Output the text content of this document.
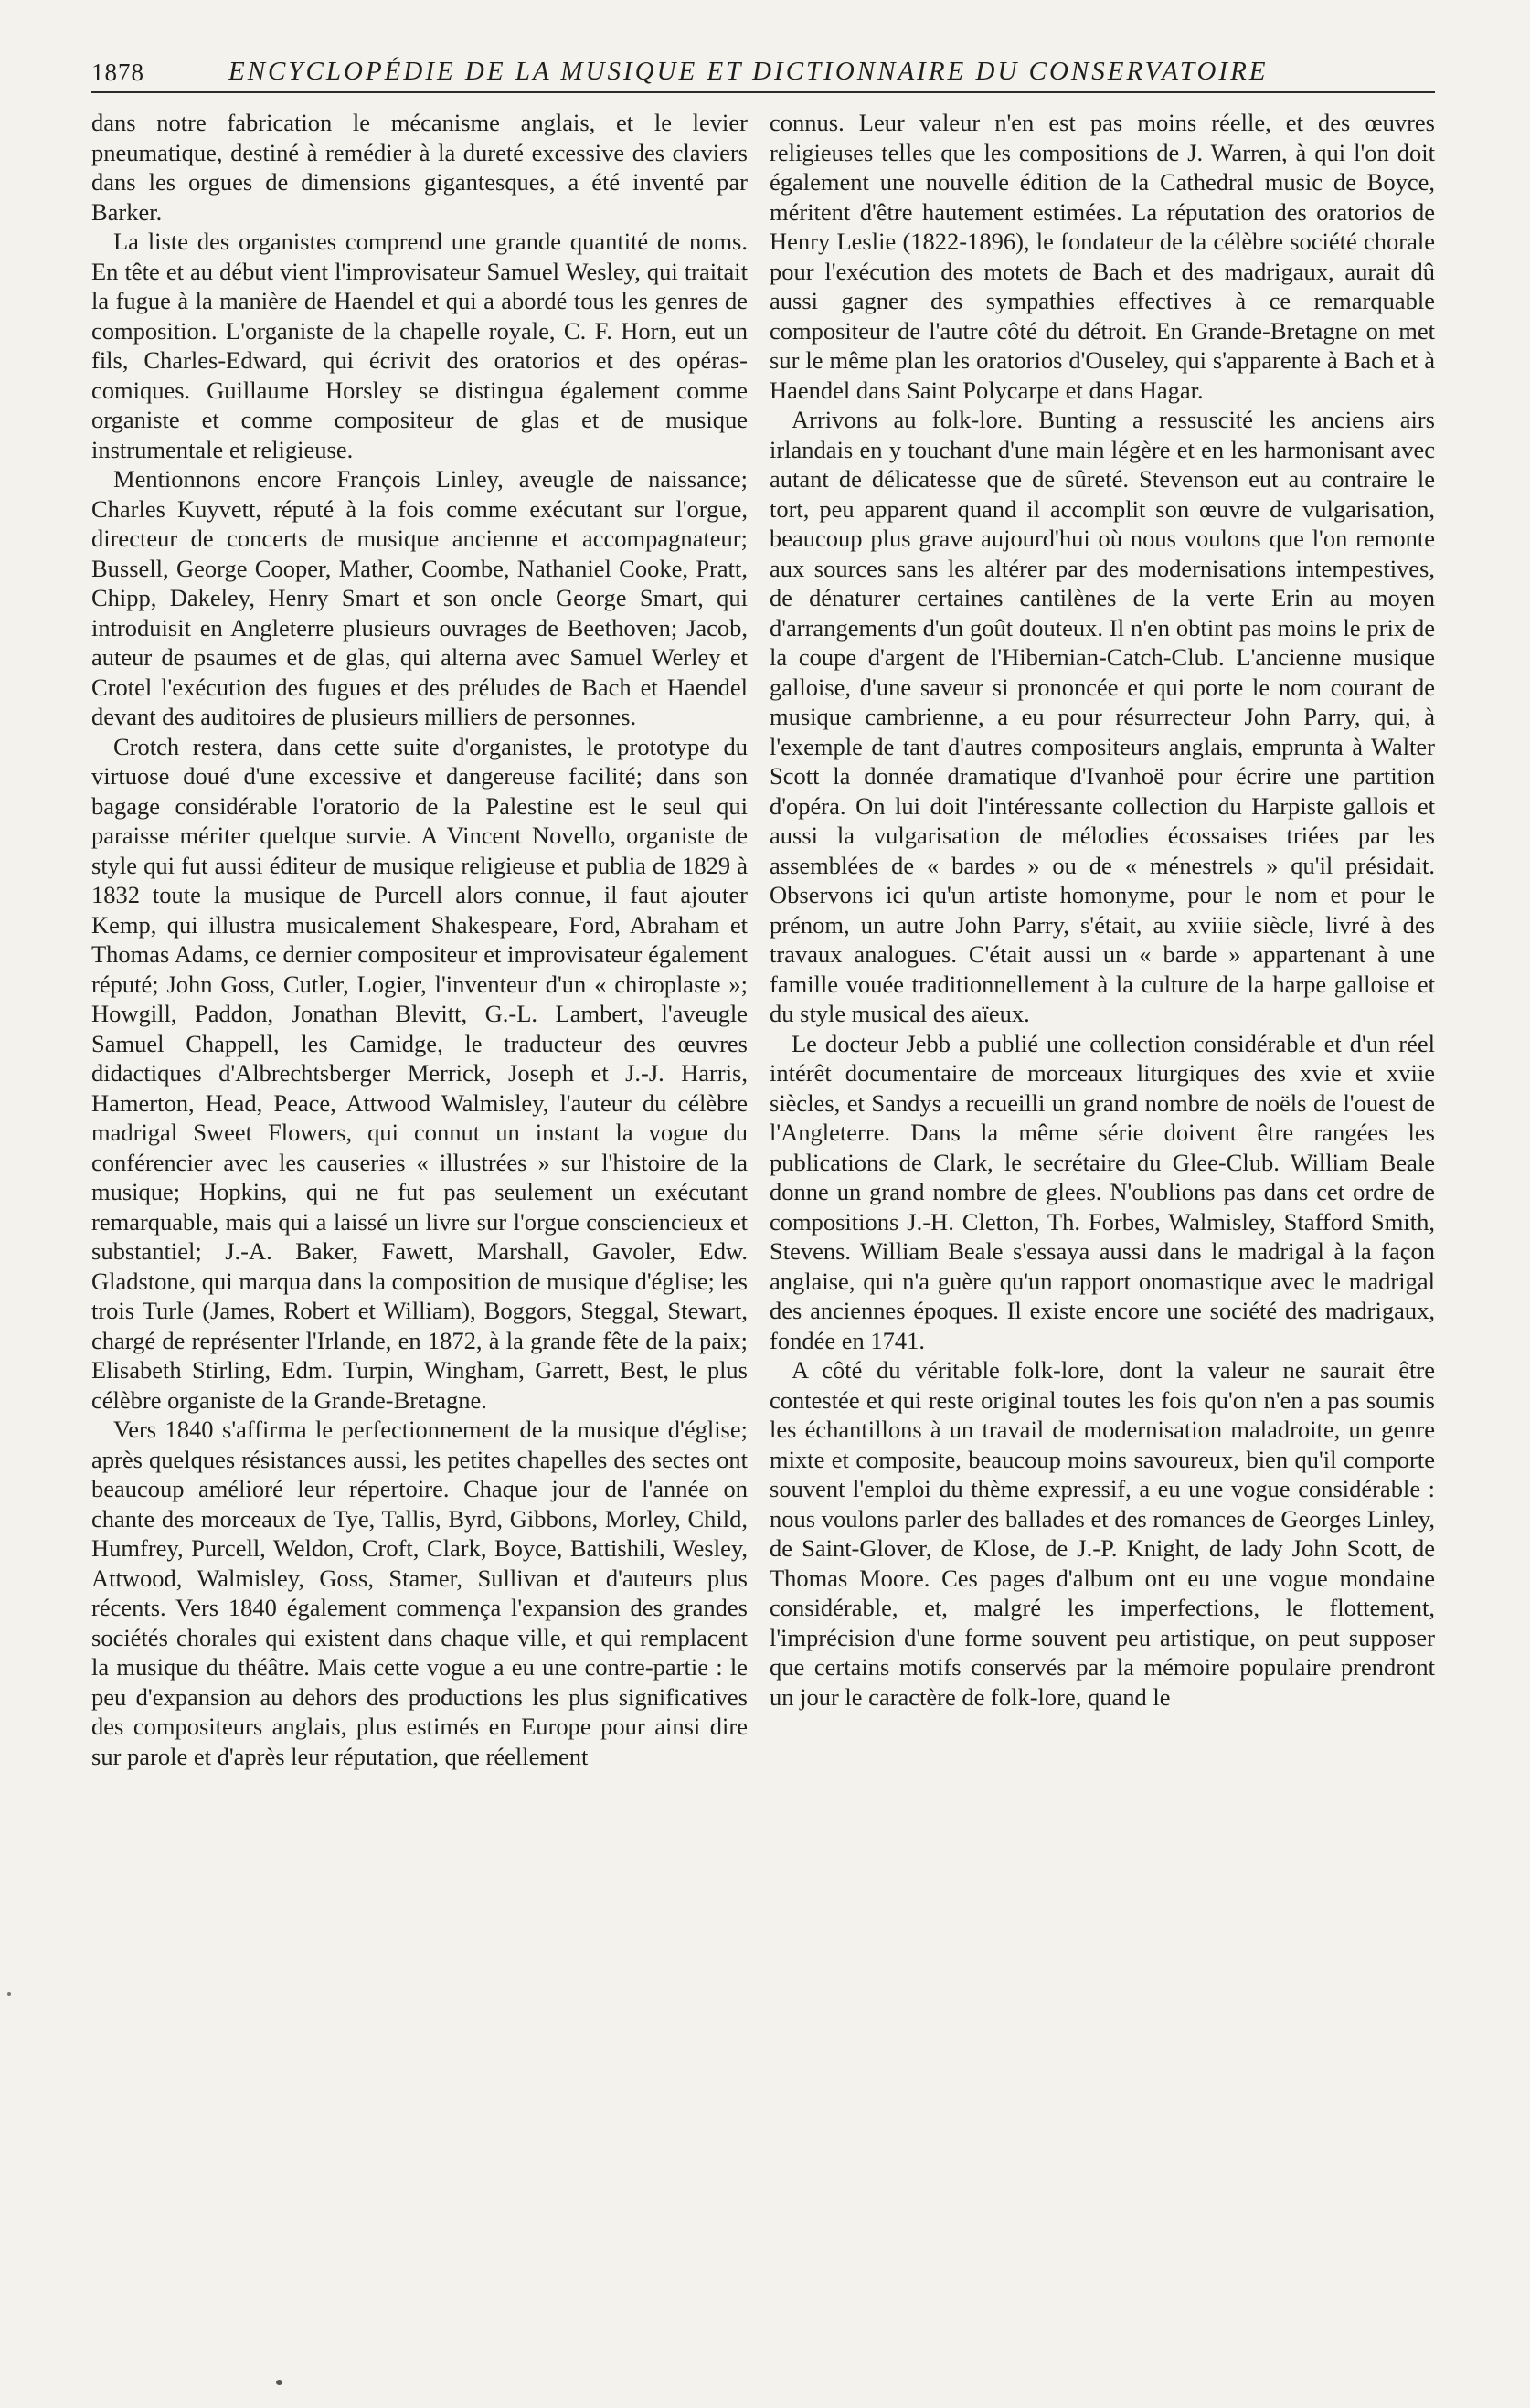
1878	ENCYCLOPÉDIE DE LA MUSIQUE ET DICTIONNAIRE DU CONSERVATOIRE

dans notre fabrication le mécanisme anglais, et le levier pneumatique, destiné à remédier à la dureté excessive des claviers dans les orgues de dimensions gigantesques, a été inventé par Barker.

La liste des organistes comprend une grande quantité de noms. En tête et au début vient l'improvisateur Samuel Wesley, qui traitait la fugue à la manière de Haendel et qui a abordé tous les genres de composition. L'organiste de la chapelle royale, C. F. Horn, eut un fils, Charles-Edward, qui écrivit des oratorios et des opéras-comiques. Guillaume Horsley se distingua également comme organiste et comme compositeur de glas et de musique instrumentale et religieuse.

Mentionnons encore François Linley, aveugle de naissance; Charles Kuyvett, réputé à la fois comme exécutant sur l'orgue, directeur de concerts de musique ancienne et accompagnateur; Bussell, George Cooper, Mather, Coombe, Nathaniel Cooke, Pratt, Chipp, Dakeley, Henry Smart et son oncle George Smart, qui introduisit en Angleterre plusieurs ouvrages de Beethoven; Jacob, auteur de psaumes et de glas, qui alterna avec Samuel Werley et Crotel l'exécution des fugues et des préludes de Bach et Haendel devant des auditoires de plusieurs milliers de personnes.

Crotch restera, dans cette suite d'organistes, le prototype du virtuose doué d'une excessive et dangereuse facilité; dans son bagage considérable l'oratorio de la Palestine est le seul qui paraisse mériter quelque survie. A Vincent Novello, organiste de style qui fut aussi éditeur de musique religieuse et publia de 1829 à 1832 toute la musique de Purcell alors connue, il faut ajouter Kemp, qui illustra musicalement Shakespeare, Ford, Abraham et Thomas Adams, ce dernier compositeur et improvisateur également réputé; John Goss, Cutler, Logier, l'inventeur d'un « chiroplaste »; Howgill, Paddon, Jonathan Blevitt, G.-L. Lambert, l'aveugle Samuel Chappell, les Camidge, le traducteur des œuvres didactiques d'Albrechtsberger Merrick, Joseph et J.-J. Harris, Hamerton, Head, Peace, Attwood Walmisley, l'auteur du célèbre madrigal Sweet Flowers, qui connut un instant la vogue du conférencier avec les causeries « illustrées » sur l'histoire de la musique; Hopkins, qui ne fut pas seulement un exécutant remarquable, mais qui a laissé un livre sur l'orgue consciencieux et substantiel; J.-A. Baker, Fawett, Marshall, Gavoler, Edw. Gladstone, qui marqua dans la composition de musique d'église; les trois Turle (James, Robert et William), Boggors, Steggal, Stewart, chargé de représenter l'Irlande, en 1872, à la grande fête de la paix; Elisabeth Stirling, Edm. Turpin, Wingham, Garrett, Best, le plus célèbre organiste de la Grande-Bretagne.

Vers 1840 s'affirma le perfectionnement de la musique d'église; après quelques résistances aussi, les petites chapelles des sectes ont beaucoup amélioré leur répertoire. Chaque jour de l'année on chante des morceaux de Tye, Tallis, Byrd, Gibbons, Morley, Child, Humfrey, Purcell, Weldon, Croft, Clark, Boyce, Battishili, Wesley, Attwood, Walmisley, Goss, Stamer, Sullivan et d'auteurs plus récents. Vers 1840 également commença l'expansion des grandes sociétés chorales qui existent dans chaque ville, et qui remplacent la musique du théâtre. Mais cette vogue a eu une contre-partie : le peu d'expansion au dehors des productions les plus significatives des compositeurs anglais, plus estimés en Europe pour ainsi dire sur parole et d'après leur réputation, que réellement

connus. Leur valeur n'en est pas moins réelle, et des œuvres religieuses telles que les compositions de J. Warren, à qui l'on doit également une nouvelle édition de la Cathedral music de Boyce, méritent d'être hautement estimées. La réputation des oratorios de Henry Leslie (1822-1896), le fondateur de la célèbre société chorale pour l'exécution des motets de Bach et des madrigaux, aurait dû aussi gagner des sympathies effectives à ce remarquable compositeur de l'autre côté du détroit. En Grande-Bretagne on met sur le même plan les oratorios d'Ouseley, qui s'apparente à Bach et à Haendel dans Saint Polycarpe et dans Hagar.

Arrivons au folk-lore. Bunting a ressuscité les anciens airs irlandais en y touchant d'une main légère et en les harmonisant avec autant de délicatesse que de sûreté. Stevenson eut au contraire le tort, peu apparent quand il accomplit son œuvre de vulgarisation, beaucoup plus grave aujourd'hui où nous voulons que l'on remonte aux sources sans les altérer par des modernisations intempestives, de dénaturer certaines cantilènes de la verte Erin au moyen d'arrangements d'un goût douteux. Il n'en obtint pas moins le prix de la coupe d'argent de l'Hibernian-Catch-Club. L'ancienne musique galloise, d'une saveur si prononcée et qui porte le nom courant de musique cambrienne, a eu pour résurrecteur John Parry, qui, à l'exemple de tant d'autres compositeurs anglais, emprunta à Walter Scott la donnée dramatique d'Ivanhoë pour écrire une partition d'opéra. On lui doit l'intéressante collection du Harpiste gallois et aussi la vulgarisation de mélodies écossaises triées par les assemblées de « bardes » ou de « ménestrels » qu'il présidait. Observons ici qu'un artiste homonyme, pour le nom et pour le prénom, un autre John Parry, s'était, au xviiie siècle, livré à des travaux analogues. C'était aussi un « barde » appartenant à une famille vouée traditionnellement à la culture de la harpe galloise et du style musical des aïeux.

Le docteur Jebb a publié une collection considérable et d'un réel intérêt documentaire de morceaux liturgiques des xvie et xviie siècles, et Sandys a recueilli un grand nombre de noëls de l'ouest de l'Angleterre. Dans la même série doivent être rangées les publications de Clark, le secrétaire du Glee-Club. William Beale donne un grand nombre de glees. N'oublions pas dans cet ordre de compositions J.-H. Cletton, Th. Forbes, Walmisley, Stafford Smith, Stevens. William Beale s'essaya aussi dans le madrigal à la façon anglaise, qui n'a guère qu'un rapport onomastique avec le madrigal des anciennes époques. Il existe encore une société des madrigaux, fondée en 1741.

A côté du véritable folk-lore, dont la valeur ne saurait être contestée et qui reste original toutes les fois qu'on n'en a pas soumis les échantillons à un travail de modernisation maladroite, un genre mixte et composite, beaucoup moins savoureux, bien qu'il comporte souvent l'emploi du thème expressif, a eu une vogue considérable : nous voulons parler des ballades et des romances de Georges Linley, de Saint-Glover, de Klose, de J.-P. Knight, de lady John Scott, de Thomas Moore. Ces pages d'album ont eu une vogue mondaine considérable, et, malgré les imperfections, le flottement, l'imprécision d'une forme souvent peu artistique, on peut supposer que certains motifs conservés par la mémoire populaire prendront un jour le caractère de folk-lore, quand le
